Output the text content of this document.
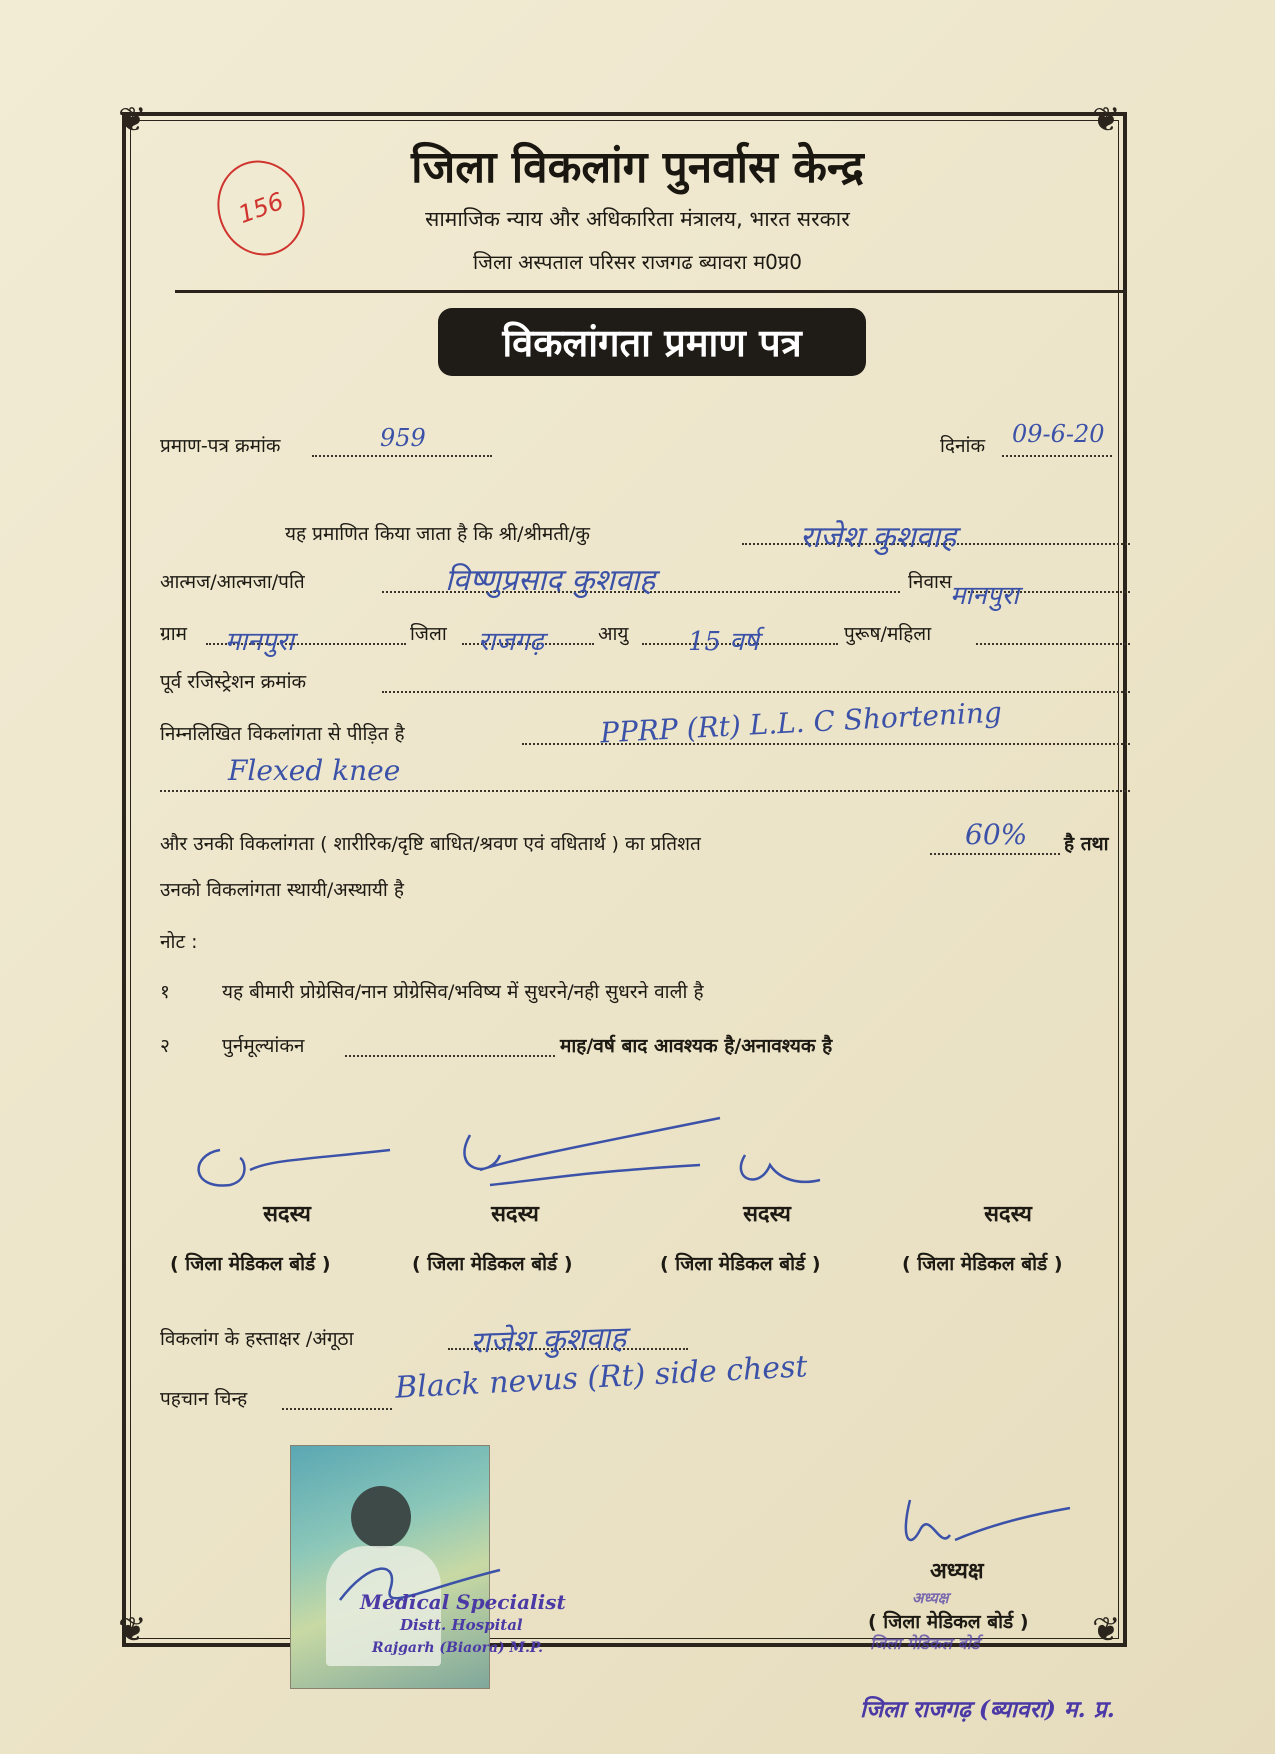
❦	❦
❦	❦
156
जिला विकलांग पुनर्वास केन्द्र
सामाजिक न्याय और अधिकारिता मंत्रालय, भारत सरकार
जिला अस्पताल परिसर राजगढ ब्यावरा म0प्र0
विकलांगता प्रमाण पत्र
प्रमाण-पत्र क्रमांक	959	दिनांक 09-6-20
यह प्रमाणित किया जाता है कि श्री/श्रीमती/कु	राजेश कुशवाह
आत्मज/आत्मजा/पति	विष्णुप्रसाद कुशवाह	निवास
मानपुरा
ग्राम मानपुरा	जिला राजगढ़	आयु 15 वर्ष	पुरूष/महिला
पूर्व रजिस्ट्रेशन क्रमांक
निम्नलिखित विकलांगता से पीड़ित है	PPRP (Rt) L.L. C Shortening
Flexed knee
और उनकी विकलांगता ( शारीरिक/दृष्टि बाधित/श्रवण एवं वधितार्थ ) का प्रतिशत	60% है तथा
उनको विकलांगता स्थायी/अस्थायी है
नोट :
१	यह बीमारी प्रोग्रेसिव/नान प्रोग्रेसिव/भविष्य में सुधरने/नही सुधरने वाली है
२	पुर्नमूल्यांकन	माह/वर्ष बाद आवश्यक है/अनावश्यक है
सदस्य	सदस्य	सदस्य	सदस्य
( जिला मेडिकल बोर्ड )	( जिला मेडिकल बोर्ड )	( जिला मेडिकल बोर्ड )	( जिला मेडिकल बोर्ड )
विकलांग के हस्ताक्षर /अंगूठा	राजेश कुशवाह
पहचान चिन्ह	Black nevus (Rt) side chest
Medical Specialist
Distt. Hospital
Rajgarh (Biaora) M.P.
अध्यक्ष
( जिला मेडिकल बोर्ड )
अध्यक्ष
जिला मेडिकल बोर्ड
जिला राजगढ़ (ब्यावरा) म. प्र.
